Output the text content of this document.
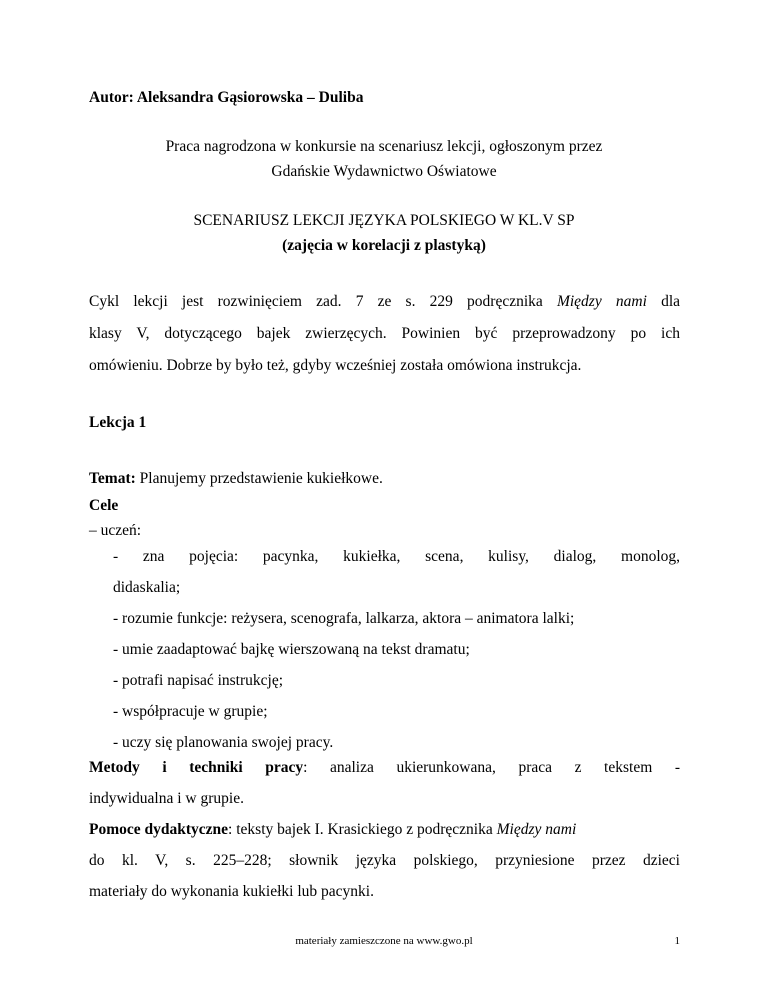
Autor: Aleksandra Gąsiorowska – Duliba
Praca nagrodzona w konkursie na scenariusz lekcji, ogłoszonym przez
Gdańskie Wydawnictwo Oświatowe
SCENARIUSZ LEKCJI JĘZYKA POLSKIEGO W KL.V SP
(zajęcia w korelacji z plastyką)
Cykl lekcji jest rozwinięciem zad. 7 ze s. 229 podręcznika Między nami dla
klasy V, dotyczącego bajek zwierzęcych. Powinien być przeprowadzony po ich
omówieniu. Dobrze by było też, gdyby wcześniej została omówiona instrukcja.
Lekcja 1
Temat: Planujemy przedstawienie kukiełkowe.
Cele
– uczeń:
- zna pojęcia: pacynka, kukiełka, scena, kulisy, dialog, monolog,
didaskalia;
- rozumie funkcje: reżysera, scenografa, lalkarza, aktora – animatora lalki;
- umie zaadaptować bajkę wierszowaną na tekst dramatu;
- potrafi napisać instrukcję;
- współpracuje w grupie;
- uczy się planowania swojej pracy.
Metody i techniki pracy: analiza ukierunkowana, praca z tekstem -
indywidualna i w grupie.
Pomoce dydaktyczne: teksty bajek I. Krasickiego z podręcznika Między nami
do kl. V, s. 225–228; słownik języka polskiego, przyniesione przez dzieci
materiały do wykonania kukiełki lub pacynki.
materiały zamieszczone na www.gwo.pl	1
